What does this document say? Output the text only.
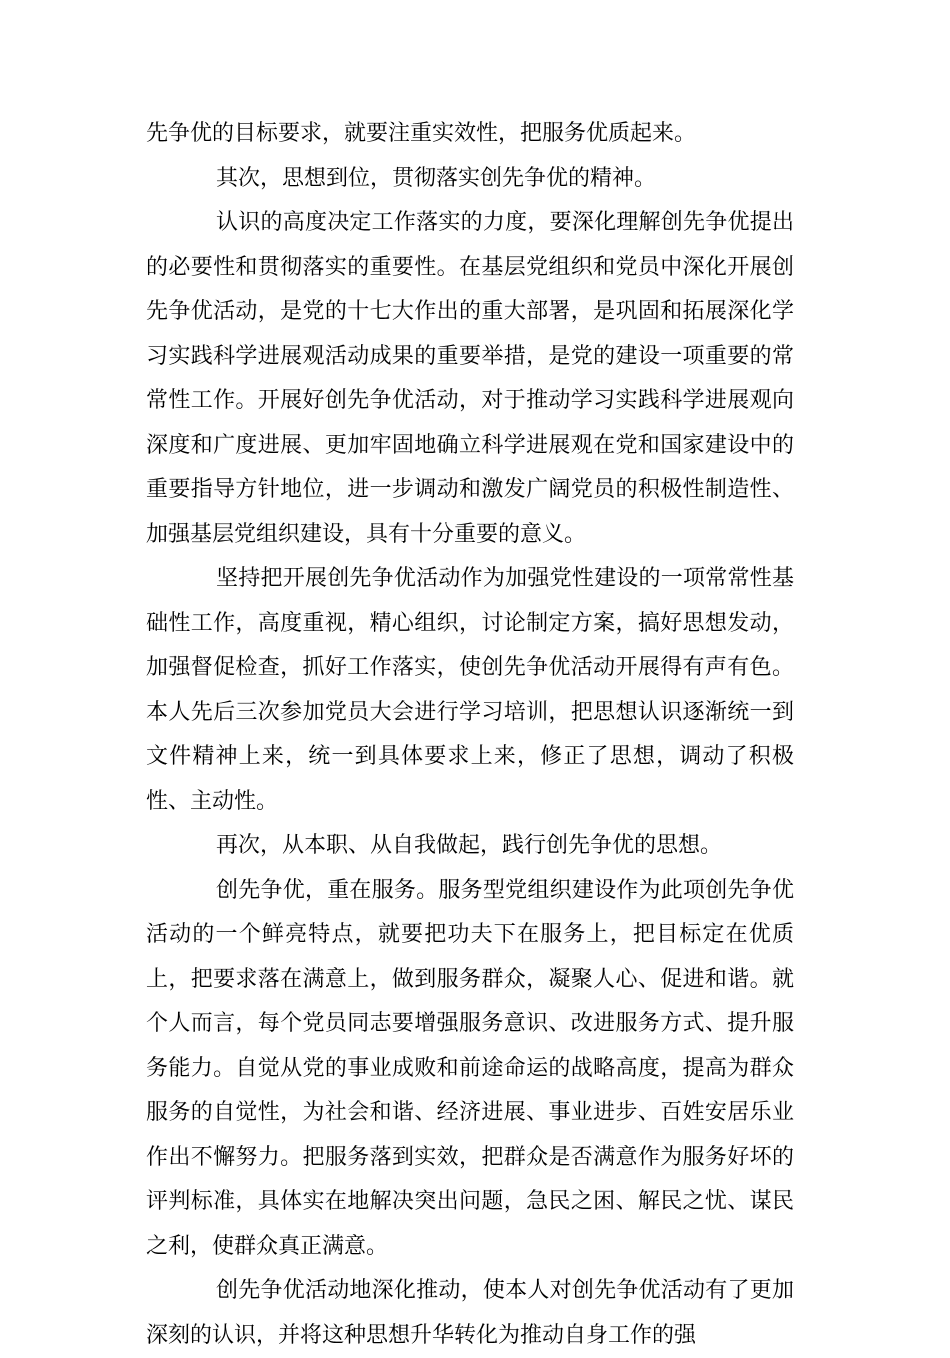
先争优的目标要求，就要注重实效性，把服务优质起来。

其次，思想到位，贯彻落实创先争优的精神。

认识的高度决定工作落实的力度，要深化理解创先争优提出的必要性和贯彻落实的重要性。在基层党组织和党员中深化开展创先争优活动，是党的十七大作出的重大部署，是巩固和拓展深化学习实践科学进展观活动成果的重要举措，是党的建设一项重要的常常性工作。开展好创先争优活动，对于推动学习实践科学进展观向深度和广度进展、更加牢固地确立科学进展观在党和国家建设中的重要指导方针地位，进一步调动和激发广阔党员的积极性制造性、加强基层党组织建设，具有十分重要的意义。

坚持把开展创先争优活动作为加强党性建设的一项常常性基础性工作，高度重视，精心组织，讨论制定方案，搞好思想发动，加强督促检查，抓好工作落实，使创先争优活动开展得有声有色。本人先后三次参加党员大会进行学习培训，把思想认识逐渐统一到文件精神上来，统一到具体要求上来，修正了思想，调动了积极性、主动性。

再次，从本职、从自我做起，践行创先争优的思想。

创先争优，重在服务。服务型党组织建设作为此项创先争优活动的一个鲜亮特点，就要把功夫下在服务上，把目标定在优质上，把要求落在满意上，做到服务群众，凝聚人心、促进和谐。就个人而言，每个党员同志要增强服务意识、改进服务方式、提升服务能力。自觉从党的事业成败和前途命运的战略高度，提高为群众服务的自觉性，为社会和谐、经济进展、事业进步、百姓安居乐业作出不懈努力。把服务落到实效，把群众是否满意作为服务好坏的评判标准，具体实在地解决突出问题，急民之困、解民之忧、谋民之利，使群众真正满意。

创先争优活动地深化推动，使本人对创先争优活动有了更加深刻的认识，并将这种思想升华转化为推动自身工作的强
